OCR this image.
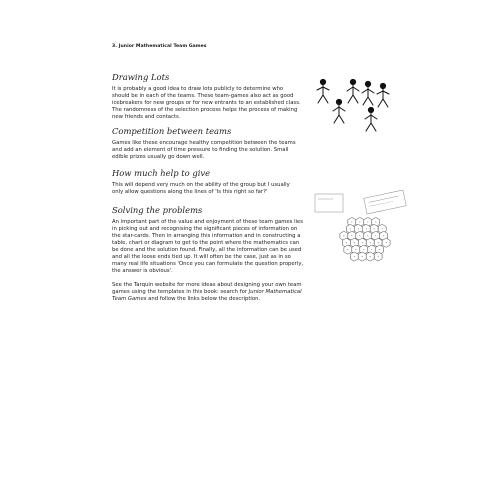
3. Junior Mathematical Team Games
Drawing Lots

It is probably a good idea to draw lots publicly to determine who should be in each of the teams. These team-games also act as good icebreakers for new groups or for new entrants to an established class. The randomness of the selection process helps the process of making new friends and contacts.

Competition between teams

Games like these encourage healthy competition between the teams and add an element of time pressure to finding the solution. Small edible prizes usually go down well.

How much help to give

This will depend very much on the ability of the group but I usually only allow questions along the lines of 'Is this right so far?'

Solving the problems

An important part of the value and enjoyment of these team games lies in picking out and recognising the significant pieces of information on the star-cards. Then in arranging this information and in constructing a table, chart or diagram to get to the point where the mathematics can be done and the solution found. Finally, all the information can be used and all the loose ends tied up. It will often be the case, just as in so many real life situations 'Once you can formulate the question properly, the answer is obvious'.

See the Tarquin website for more ideas about designing your own team games using the templates in this book: search for Junior Mathematical Team Games and follow the links below the description.
